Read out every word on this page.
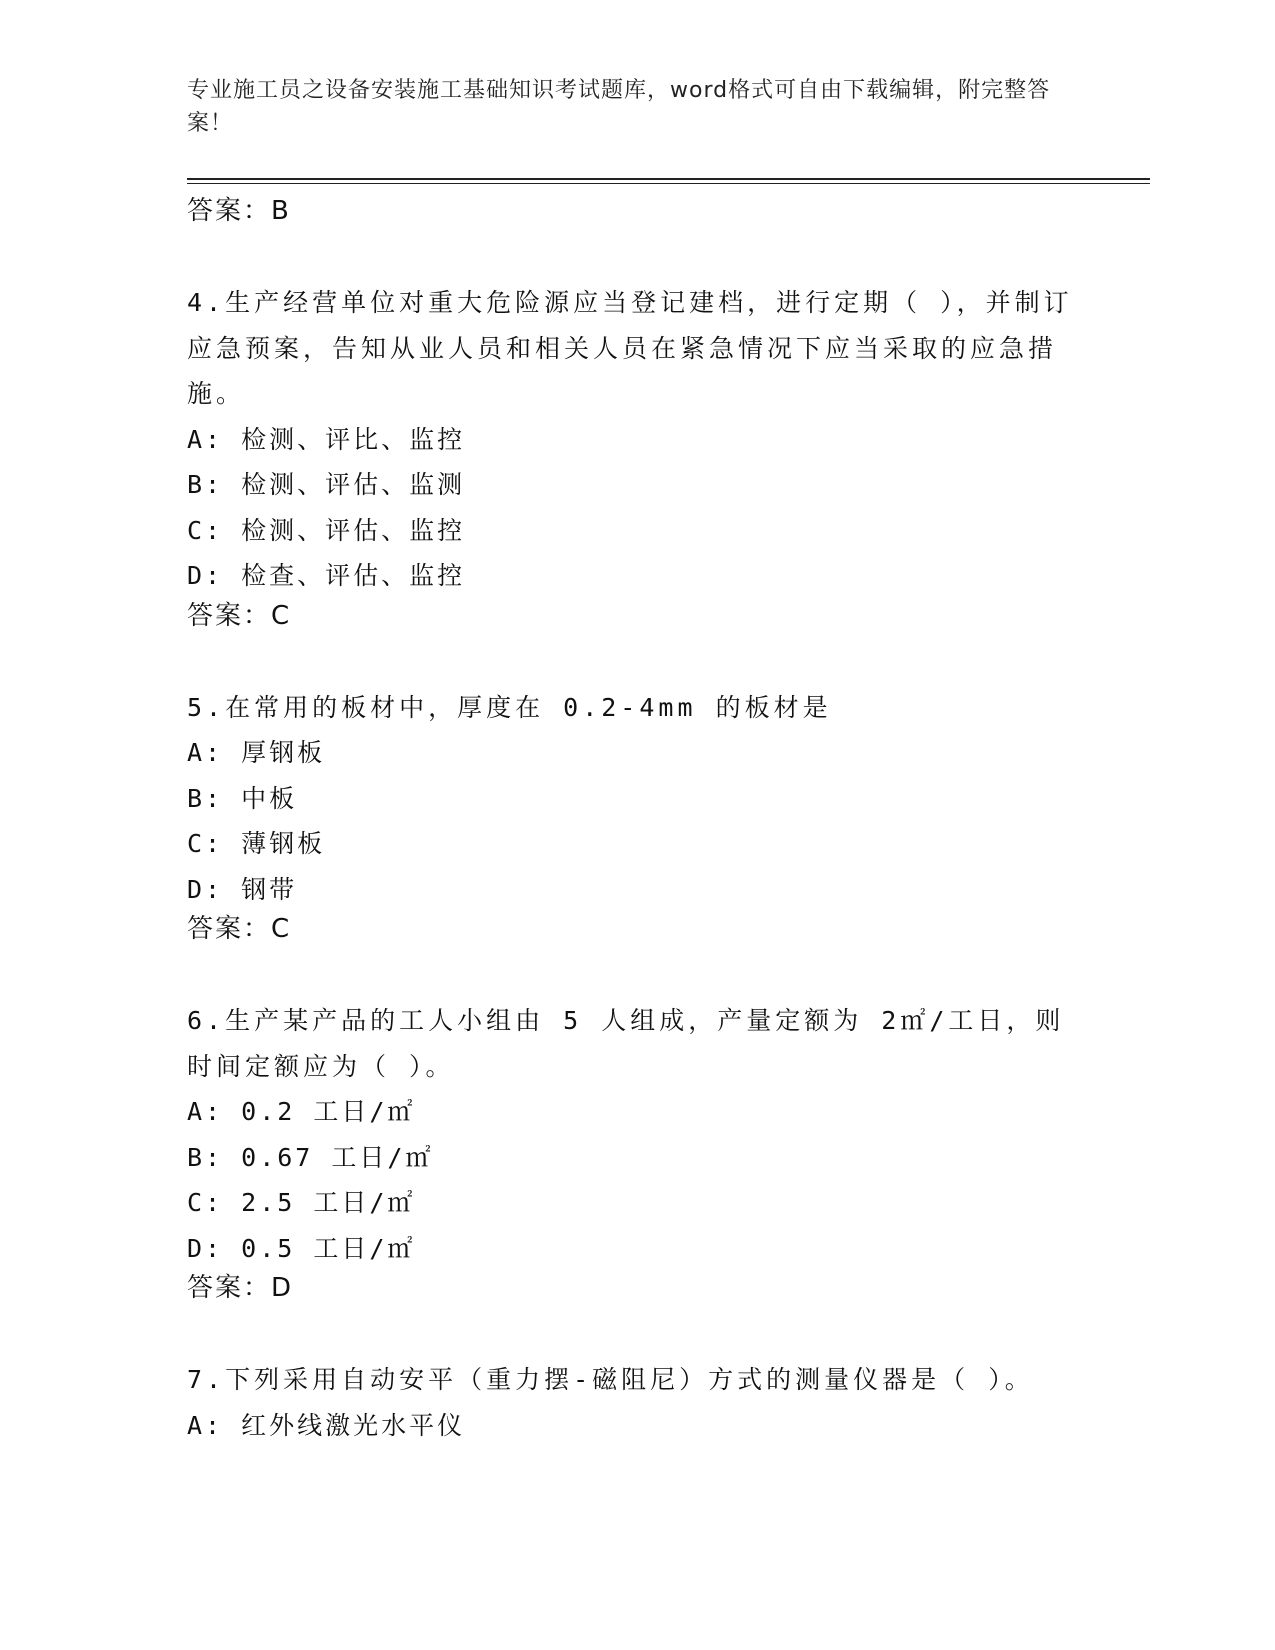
专业施工员之设备安装施工基础知识考试题库，word格式可自由下载编辑，附完整答案！

答案：B

4.生产经营单位对重大危险源应当登记建档，进行定期（ ），并制订应急预案，告知从业人员和相关人员在紧急情况下应当采取的应急措施。

A: 检测、评比、监控

B: 检测、评估、监测

C: 检测、评估、监控

D: 检查、评估、监控

答案：C

5.在常用的板材中，厚度在 0.2-4mm 的板材是

A: 厚钢板

B: 中板

C: 薄钢板

D: 钢带

答案：C

6.生产某产品的工人小组由 5 人组成，产量定额为 2㎡/工日，则时间定额应为（ ）。

A: 0.2 工日/㎡

B: 0.67 工日/㎡

C: 2.5 工日/㎡

D: 0.5 工日/㎡

答案：D

7.下列采用自动安平（重力摆-磁阻尼）方式的测量仪器是（ ）。

A: 红外线激光水平仪
